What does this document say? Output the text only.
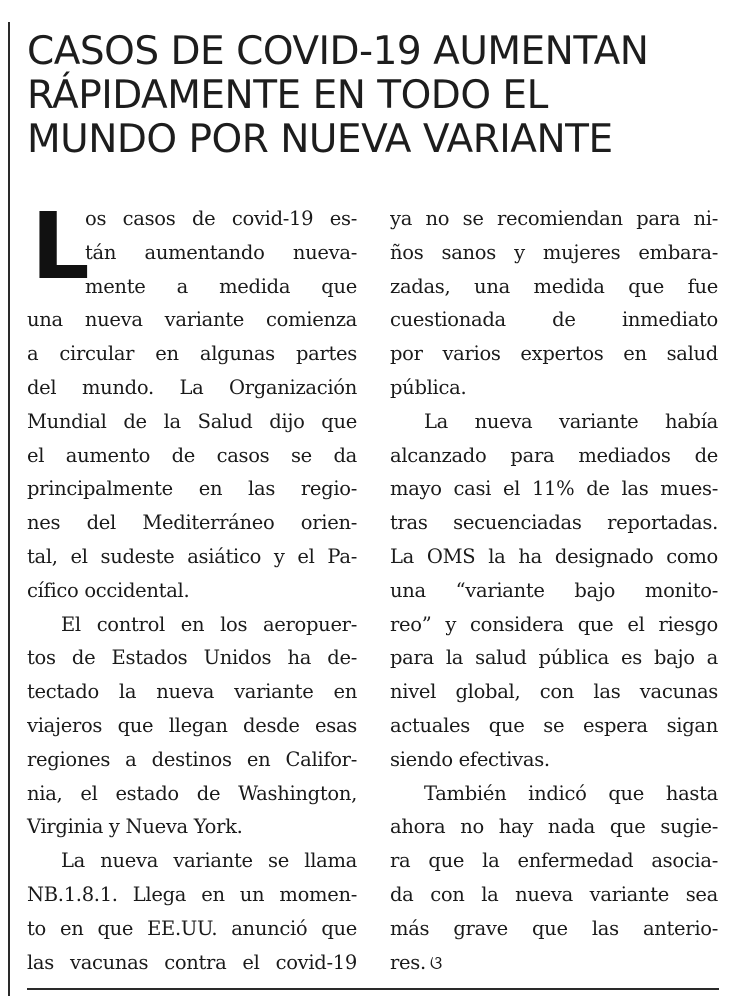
CASOS DE COVID-19 AUMENTAN
RÁPIDAMENTE EN TODO EL
MUNDO POR NUEVA VARIANTE
L
os casos de covid-19 es-
tán aumentando nueva-
mente a medida que
una nueva variante comienza
a circular en algunas partes
del mundo. La Organización
Mundial de la Salud dijo que
el aumento de casos se da
principalmente en las regio-
nes del Mediterráneo orien-
tal, el sudeste asiático y el Pa-
cífico occidental.
El control en los aeropuer-
tos de Estados Unidos ha de-
tectado la nueva variante en
viajeros que llegan desde esas
regiones a destinos en Califor-
nia, el estado de Washington,
Virginia y Nueva York.
La nueva variante se llama
NB.1.8.1. Llega en un momen-
to en que EE.UU. anunció que
las vacunas contra el covid-19
ya no se recomiendan para ni-
ños sanos y mujeres embara-
zadas, una medida que fue
cuestionada de inmediato
por varios expertos en salud
pública.
La nueva variante había
alcanzado para mediados de
mayo casi el 11% de las mues-
tras secuenciadas reportadas.
La OMS la ha designado como
una “variante bajo monito-
reo” y considera que el riesgo
para la salud pública es bajo a
nivel global, con las vacunas
actuales que se espera sigan
siendo efectivas.
También indicó que hasta
ahora no hay nada que sugie-
ra que la enfermedad asocia-
da con la nueva variante sea
más grave que las anterio-
res. ଓ
